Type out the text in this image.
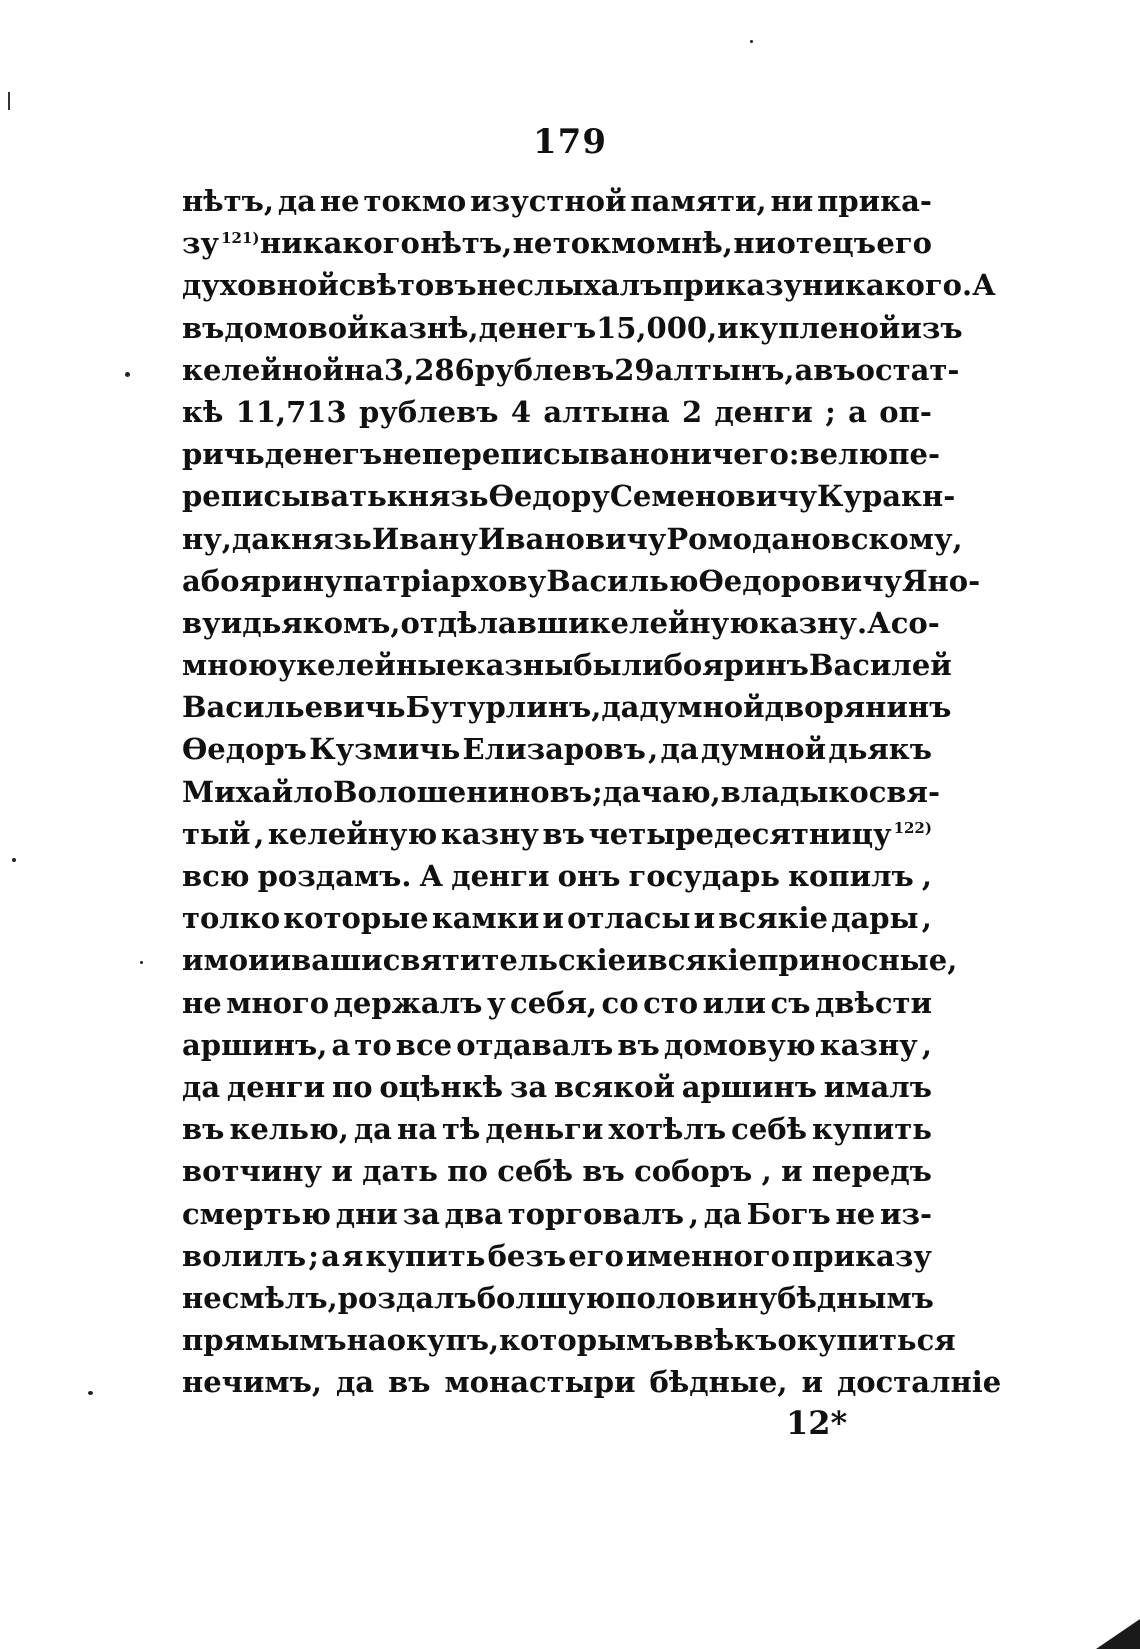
179
нѣтъ, да не токмо изустной памяти, ни прика-
зу $^{121)}$ никакого нѣтъ, не токмо мнѣ, ни отецъ его
духовной свѣтовъ не слыхалъ приказу никакого. А
въ домовой казнѣ, денегъ 15,000, и купленой изъ
келейной на 3,286 рублевъ 29 алтынъ, а въ остат-
кѣ 11,713 рублевъ 4 алтына 2 денги ; а оп-
ричь денегъ не переписывано ничего: велю пе-
реписывать князь Ѳедору Семеновичу Куракн-
ну, да князь Ивану Ивановичу Ромодановскому,
а боярину патріархову Василью Ѳедоровичу Яно-
ву и дьякомъ, отдѣлавши келейную казну. Асо-
мною у келейные казны были бояринъ Василей
Васильевичь Бутурлинъ , да думной дворянинъ
Ѳедоръ Кузмичь Елизаровъ , да думной дьякъ
Михайло Волошениновъ; да чаю , владыко свя-
тый , келейную казну въ четыредесятницу $^{122)}$
всю роздамъ. А денги онъ государь копилъ ,
толко которые камки и отласы и всякіе дары ,
и мои и ваши святительскіе и всякіе приносные,
не много держалъ у себя, со сто или съ двѣсти
аршинъ, а то все отдавалъ въ домовую казну ,
да денги по оцѣнкѣ за всякой аршинъ ималъ
въ келью, да на тѣ деньги хотѣлъ себѣ купить
вотчину и дать по себѣ въ соборъ , и передъ
смертью дни за два торговалъ , да Богъ не из-
волилъ ; а я купить безъ его именного приказу
не смѣлъ , роздалъ болшую половину бѣднымъ
прямымъ на окупъ, которымъ ввѣкъ окупиться
нечимъ, да въ монастыри бѣдные, и досталніе
12*
